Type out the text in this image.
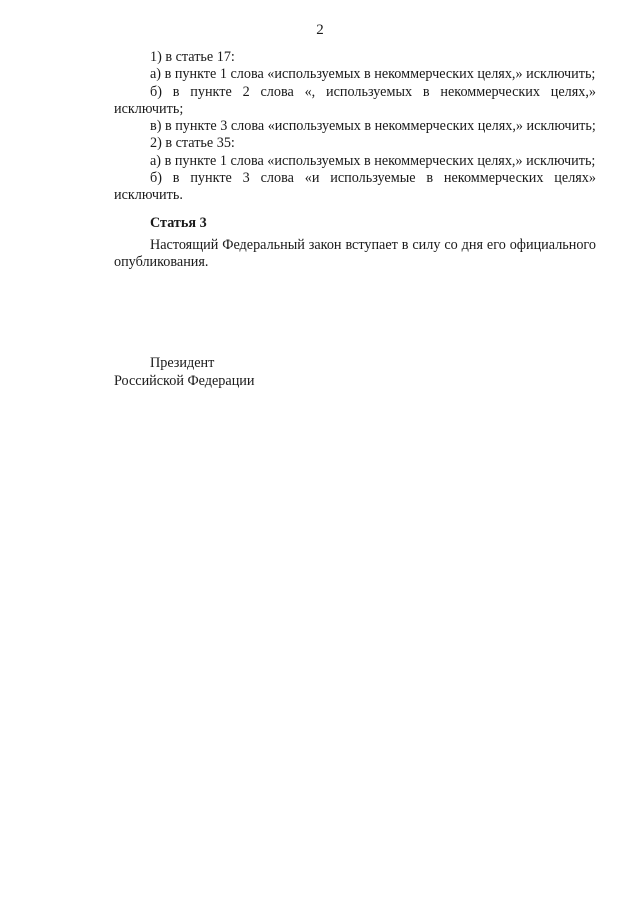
2

1) в статье 17:

а) в пункте 1 слова «используемых в некоммерческих целях,» исключить;

б) в пункте 2 слова «, используемых в некоммерческих целях,» исключить;

в) в пункте 3 слова «используемых в некоммерческих целях,» исключить;

2) в статье 35:

а) в пункте 1 слова «используемых в некоммерческих целях,» исключить;

б) в пункте 3 слова «и используемые в некоммерческих целях» исключить.

Статья 3

Настоящий Федеральный закон вступает в силу со дня его официального опубликования.

Президент
Российской Федерации
